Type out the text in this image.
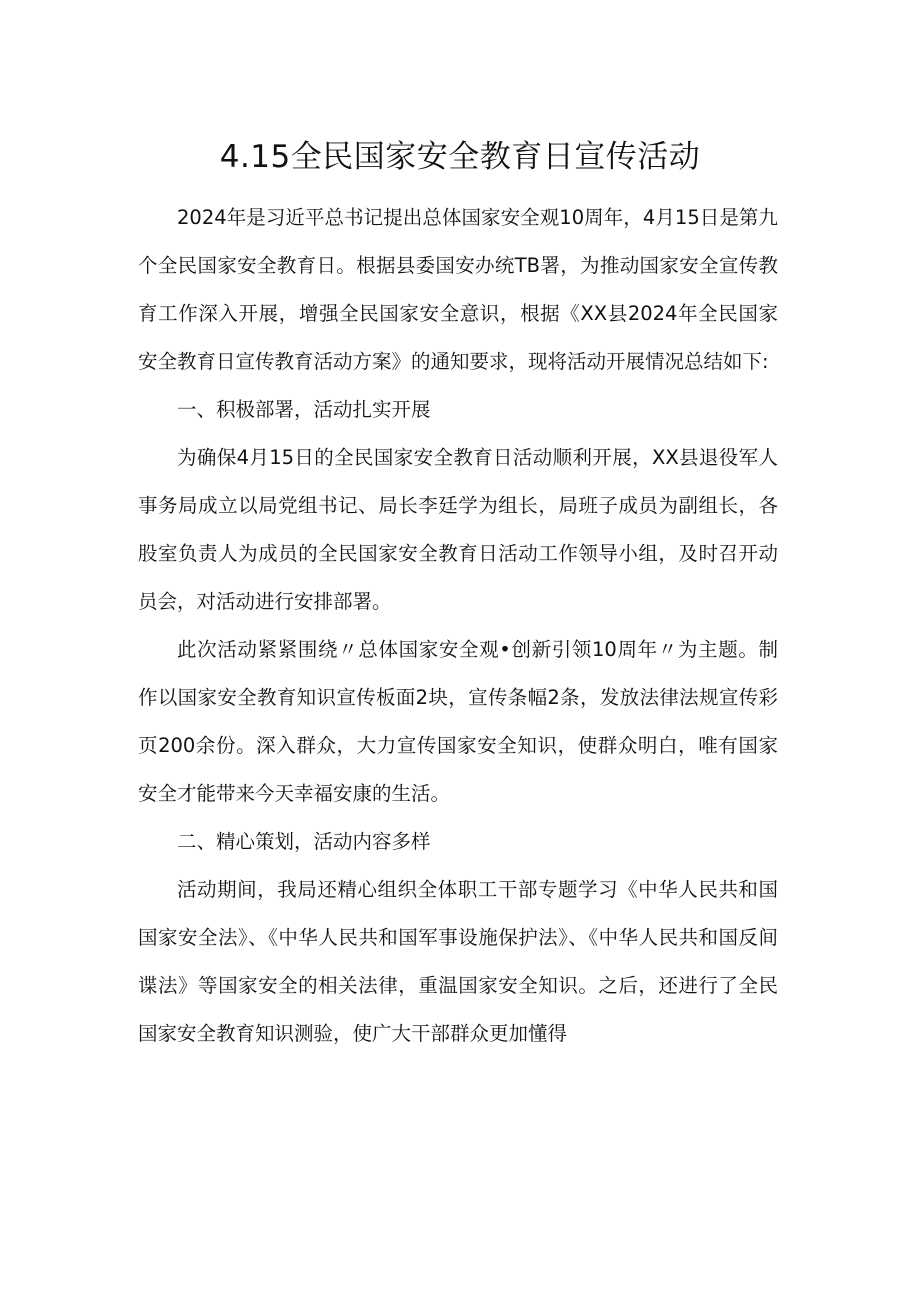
4.15全民国家安全教育日宣传活动

2024年是习近平总书记提出总体国家安全观10周年，4月15日是第九个全民国家安全教育日。根据县委国安办统TB署，为推动国家安全宣传教育工作深入开展，增强全民国家安全意识，根据《XX县2024年全民国家安全教育日宣传教育活动方案》的通知要求，现将活动开展情况总结如下:

一、积极部署，活动扎实开展

为确保4月15日的全民国家安全教育日活动顺利开展，XX县退役军人事务局成立以局党组书记、局长李廷学为组长，局班子成员为副组长，各股室负责人为成员的全民国家安全教育日活动工作领导小组，及时召开动员会，对活动进行安排部署。

此次活动紧紧围绕〃总体国家安全观•创新引领10周年〃为主题。制作以国家安全教育知识宣传板面2块，宣传条幅2条，发放法律法规宣传彩页200余份。深入群众，大力宣传国家安全知识，使群众明白，唯有国家安全才能带来今天幸福安康的生活。

二、精心策划，活动内容多样

活动期间，我局还精心组织全体职工干部专题学习《中华人民共和国国家安全法》、《中华人民共和国军事设施保护法》、《中华人民共和国反间谍法》等国家安全的相关法律，重温国家安全知识。之后，还进行了全民国家安全教育知识测验，使广大干部群众更加懂得
